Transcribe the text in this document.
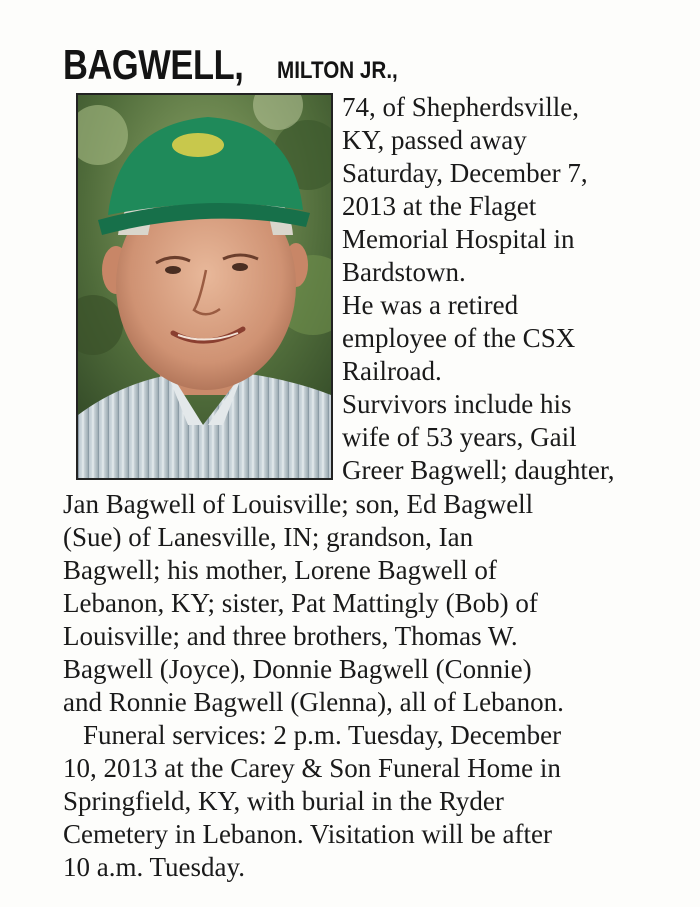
BAGWELL, MILTON JR.,
74, of Shepherdsville,
KY, passed away
Saturday, December 7,
2013 at the Flaget
Memorial Hospital in
Bardstown.
He was a retired
employee of the CSX
Railroad.
Survivors include his
wife of 53 years, Gail
Greer Bagwell; daughter,
Jan Bagwell of Louisville; son, Ed Bagwell
(Sue) of Lanesville, IN; grandson, Ian
Bagwell; his mother, Lorene Bagwell of
Lebanon, KY; sister, Pat Mattingly (Bob) of
Louisville; and three brothers, Thomas W.
Bagwell (Joyce), Donnie Bagwell (Connie)
and Ronnie Bagwell (Glenna), all of Lebanon.
Funeral services: 2 p.m. Tuesday, December
10, 2013 at the Carey & Son Funeral Home in
Springfield, KY, with burial in the Ryder
Cemetery in Lebanon. Visitation will be after
10 a.m. Tuesday.
